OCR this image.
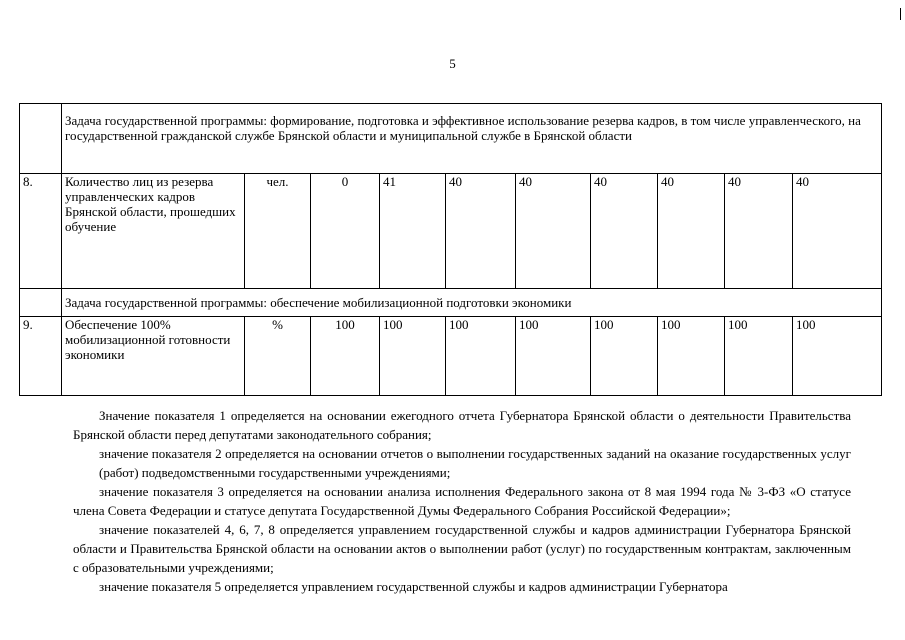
5
	Задача государственной программы: формирование, подготовка и эффективное использование резерва кадров, в том числе управленческого, на государственной гражданской службе Брянской области и муниципальной службе в Брянской области									
8.	Количество лиц из резерва управленческих кадров Брянской области, прошедших обучение	чел.	0	41	40	40	40	40	40	40
	Задача государственной программы: обеспечение мобилизационной подготовки экономики									
9.	Обеспечение 100% мобилизационной готовности экономики	%	100	100	100	100	100	100	100	100

Значение показателя 1 определяется на основании ежегодного отчета Губернатора Брянской области о деятельности Правительства Брянской области перед депутатами законодательного собрания;

значение показателя 2 определяется на основании отчетов о выполнении государственных заданий на оказание государственных услуг (работ) подведомственными государственными учреждениями;

значение показателя 3 определяется на основании анализа исполнения Федерального закона от 8 мая 1994 года № 3-ФЗ «О статусе члена Совета Федерации и статусе депутата Государственной Думы Федерального Собрания Российской Федерации»;

значение показателей 4, 6, 7, 8 определяется управлением государственной службы и кадров администрации Губернатора Брянской области и Правительства Брянской области на основании актов о выполнении работ (услуг) по государственным контрактам, заключенным с образовательными учреждениями;

значение показателя 5 определяется управлением государственной службы и кадров администрации Губернатора
